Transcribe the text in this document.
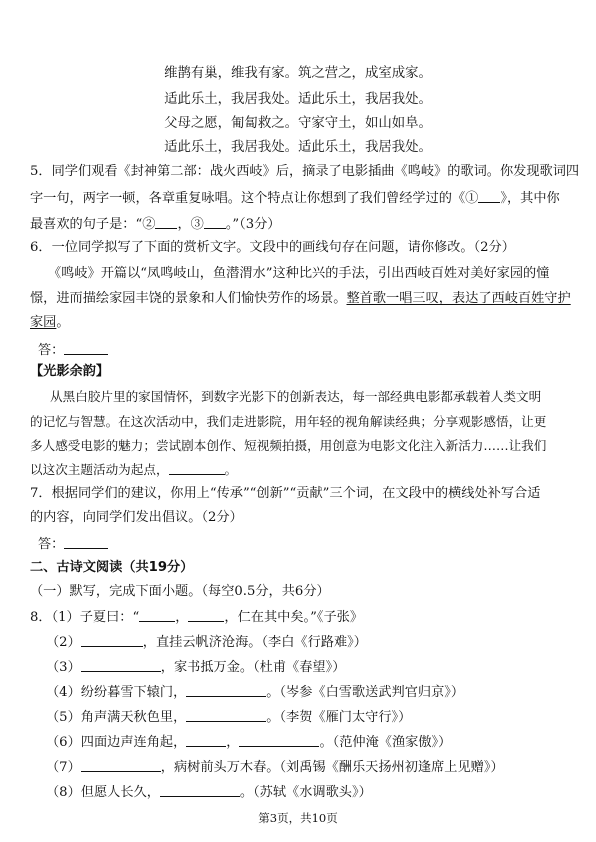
维鹊有巢，维我有家。筑之营之，成室成家。
适此乐土，我居我处。适此乐土，我居我处。
父母之愿，匍匐救之。守家守土，如山如阜。
适此乐土，我居我处。适此乐土，我居我处。
5．同学们观看《封神第二部：战火西岐》后，摘录了电影插曲《鸣岐》的歌词。你发现歌词四
字一句，两字一顿，各章重复咏唱。这个特点让你想到了我们曾经学过的《① 》，其中你
最喜欢的句子是：“② ，③ 。”（3分）
6．一位同学拟写了下面的赏析文字。文段中的画线句存在问题，请你修改。（2分）
《鸣岐》开篇以“凤鸣岐山，鱼潜渭水”这种比兴的手法，引出西岐百姓对美好家园的憧
憬，进而描绘家园丰饶的景象和人们愉快劳作的场景。整首歌一唱三叹，表达了西岐百姓守护
家园。
答：
【光影余韵】
从黑白胶片里的家国情怀，到数字光影下的创新表达，每一部经典电影都承载着人类文明
的记忆与智慧。在这次活动中，我们走进影院，用年轻的视角解读经典；分享观影感悟，让更
多人感受电影的魅力；尝试剧本创作、短视频拍摄，用创意为电影文化注入新活力……让我们
以这次主题活动为起点，	。
7．根据同学们的建议，你用上“传承”“创新”“贡献”三个词，在文段中的横线处补写合适
的内容，向同学们发出倡议。（2分）
答：
二、古诗文阅读（共19分）
（一）默写，完成下面小题。（每空0.5分，共6分）
8．（1）子夏曰：“	，	，仁在其中矣。”《子张》
（2）	，直挂云帆济沧海。（李白《行路难》）
（3）	，家书抵万金。（杜甫《春望》）
（4）纷纷暮雪下辕门，	。（岑参《白雪歌送武判官归京》）
（5）角声满天秋色里，	。（李贺《雁门太守行》）
（6）四面边声连角起，	，	。（范仲淹《渔家傲》）
（7）	，病树前头万木春。（刘禹锡《酬乐天扬州初逢席上见赠》）
（8）但愿人长久，	。（苏轼《水调歌头》）
第3页，共10页
